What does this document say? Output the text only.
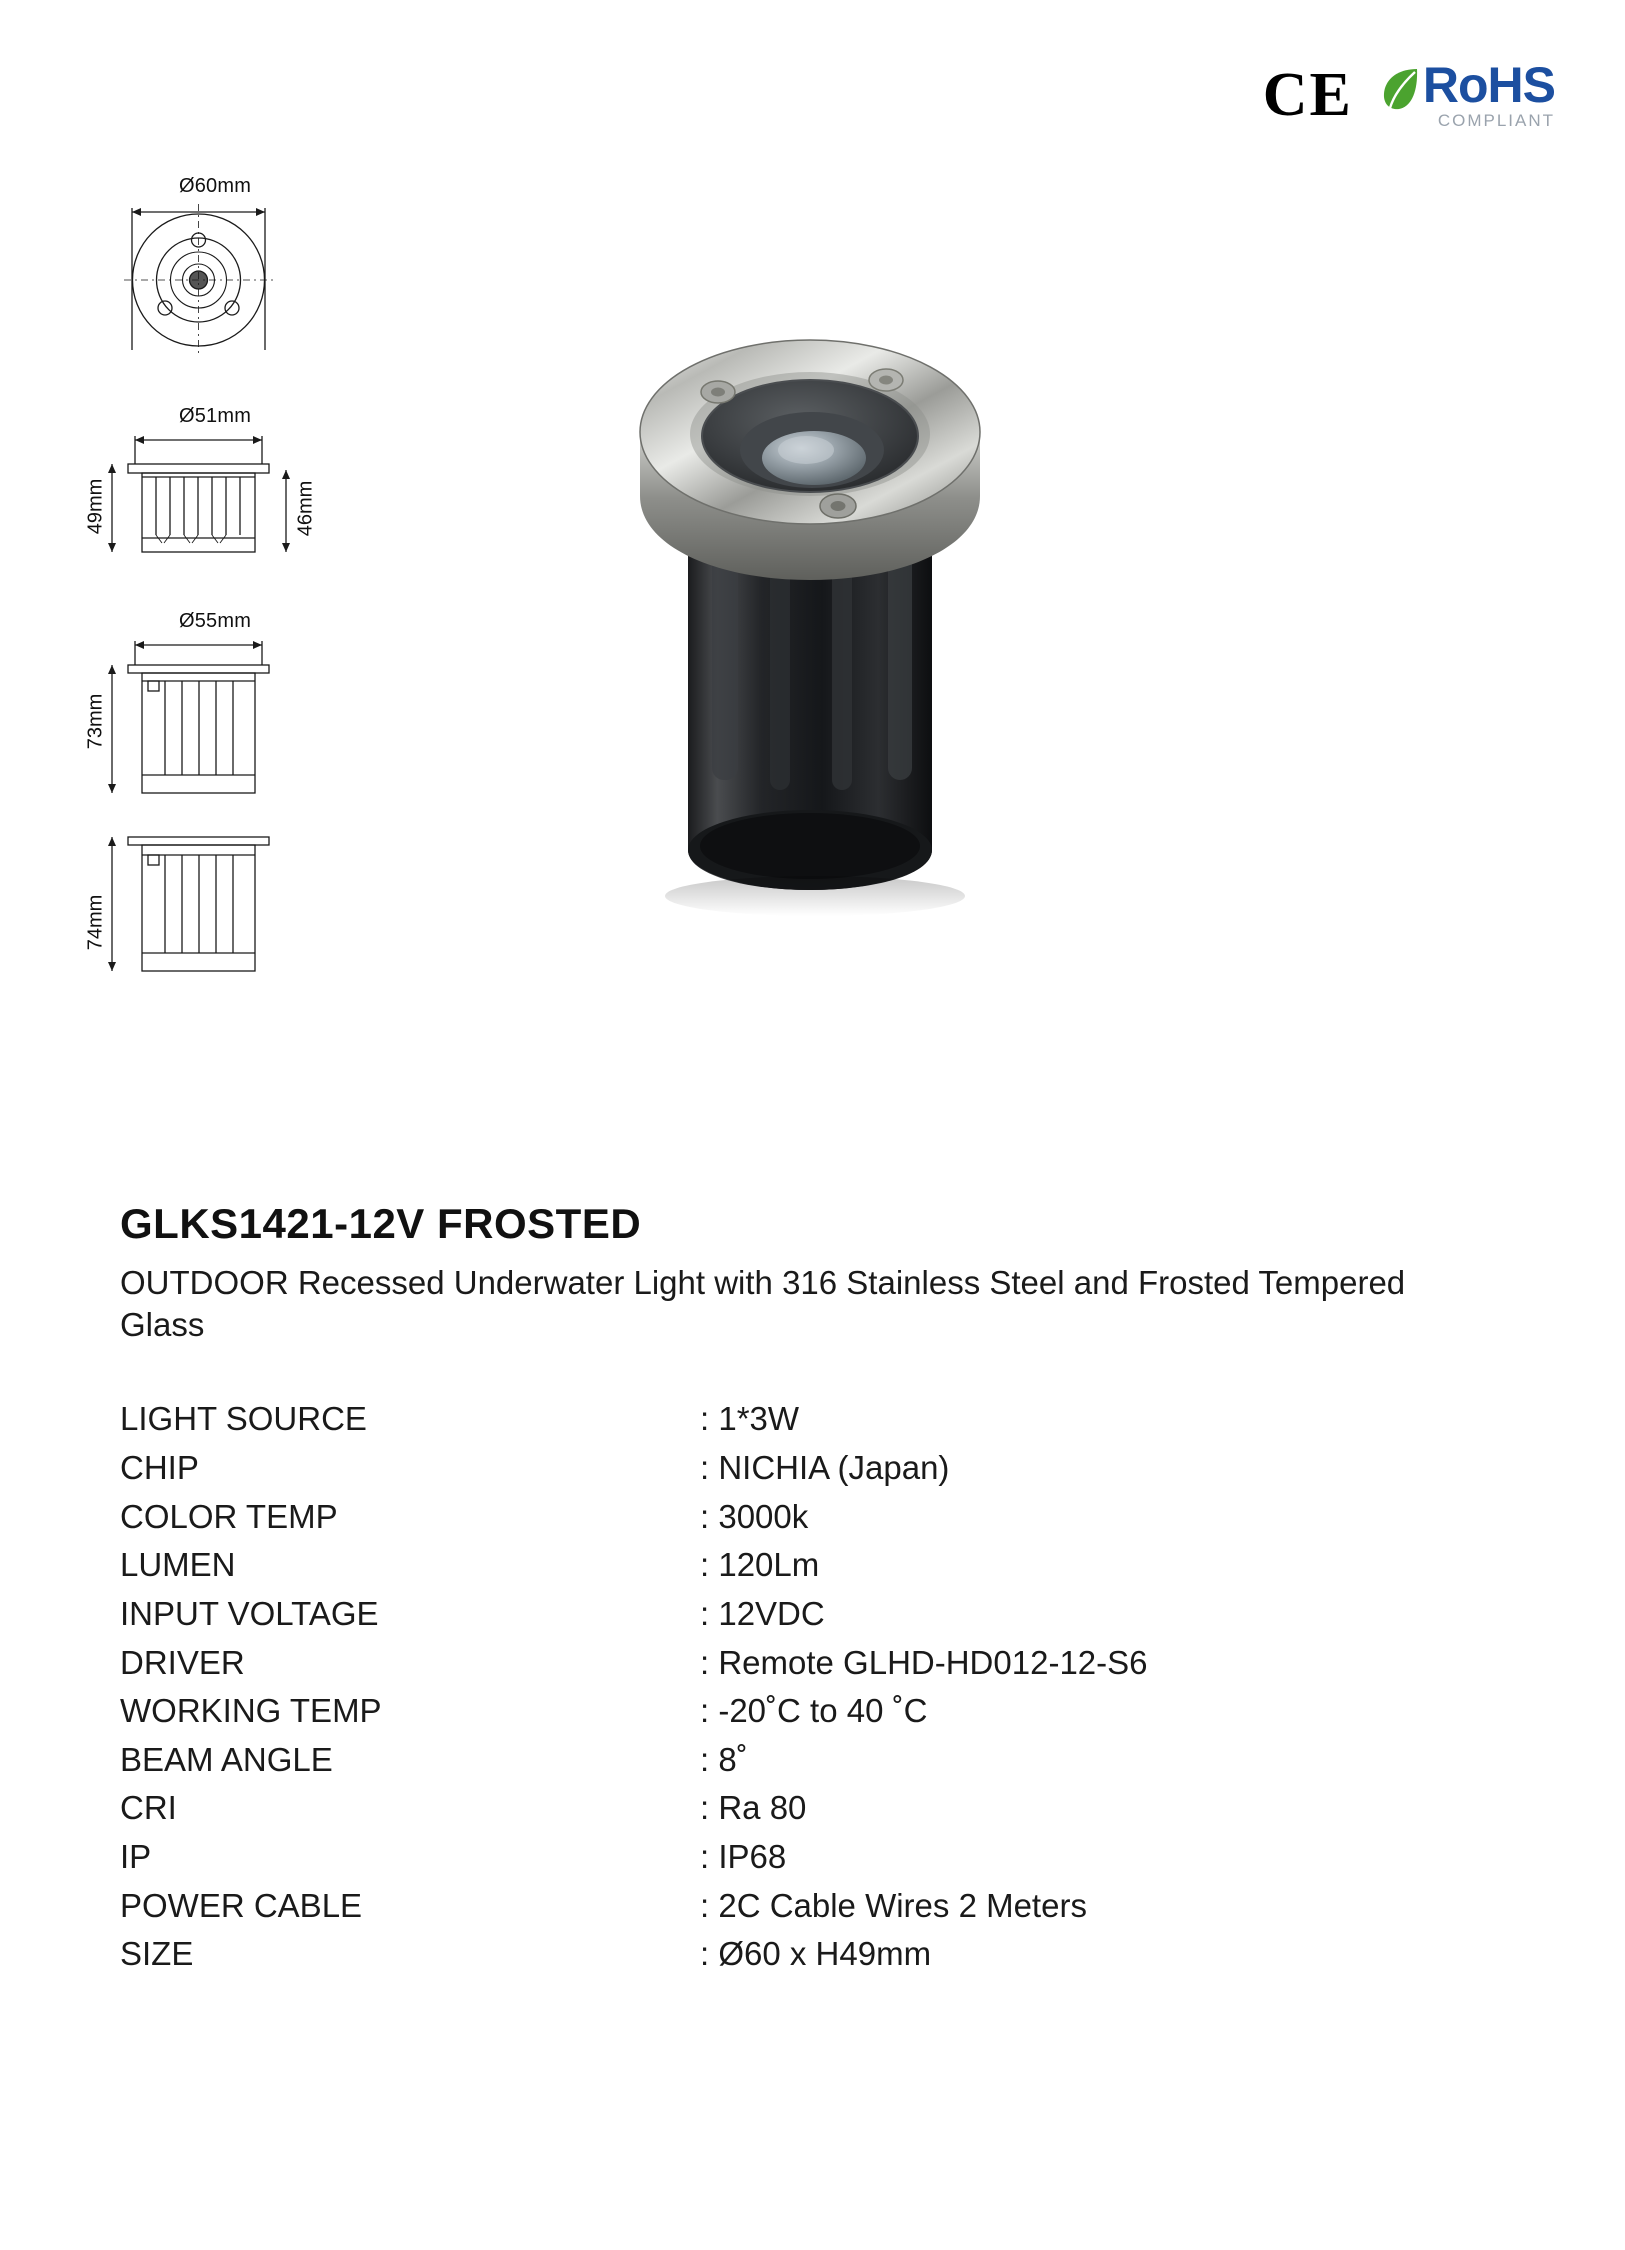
CE RoHS
COMPLIANT
Ø60mm
Ø51mm
49mm	46mm
Ø55mm
73mm
74mm
GLKS1421-12V FROSTED

OUTDOOR Recessed Underwater Light with 316 Stainless Steel and Frosted Tempered Glass

LIGHT SOURCE	: 1*3W
CHIP	: NICHIA (Japan)
COLOR TEMP	: 3000k
LUMEN	: 120Lm
INPUT VOLTAGE	: 12VDC
DRIVER	: Remote GLHD-HD012-12-S6
WORKING TEMP	: -20˚C to 40 ˚C
BEAM ANGLE	: 8˚
CRI	: Ra 80
IP	: IP68
POWER CABLE	: 2C Cable Wires 2 Meters
SIZE	: Ø60 x H49mm
